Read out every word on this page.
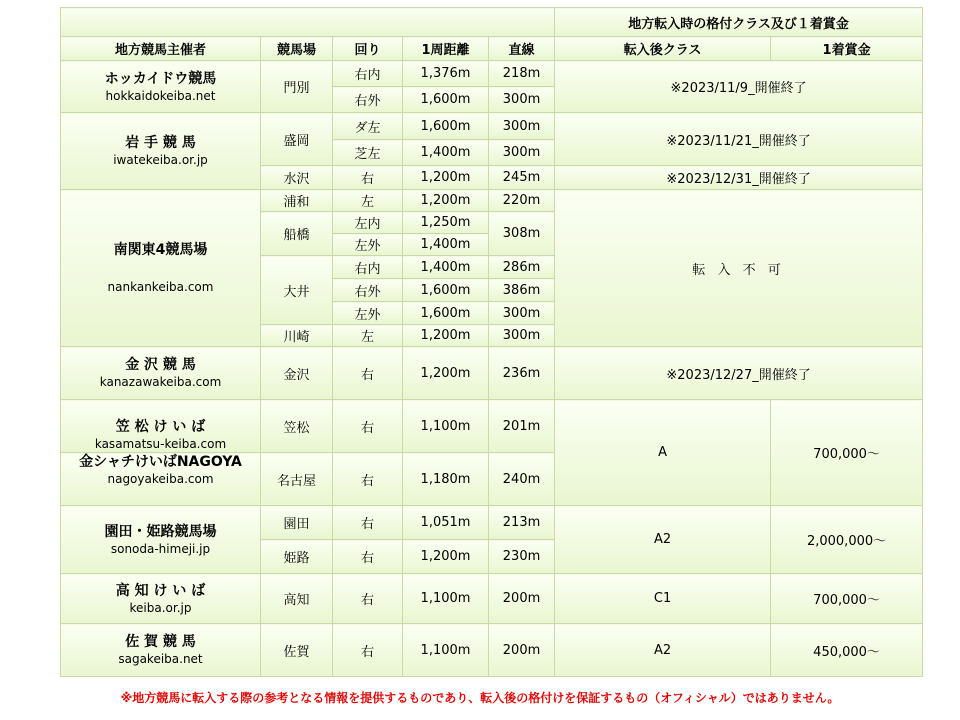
					地方転入時の格付クラス及び１着賞金	
地方競馬主催者	競馬場	回り	1周距離	直線	転入後クラス	1着賞金

ホッカイドウ競馬
hokkaidokeiba.net	門別	右内	1,376m	218m	※2023/11/9_開催終了	
		右外	1,600m	300m		

岩 手 競 馬
iwatekeiba.or.jp	盛岡	ダ左	1,600m	300m	※2023/11/21_開催終了	
		芝左	1,400m	300m		
	水沢	右	1,200m	245m	※2023/12/31_開催終了	

南関東4競馬場
nankankeiba.com	浦和	左	1,200m	220m	転 入 不 可	
	船橋	左内	1,250m	308m		
		左外	1,400m			
	大井	右内	1,400m	286m		
		右外	1,600m	386m		
		左外	1,600m	300m		
	川崎	左	1,200m	300m		

金 沢 競 馬
kanazawakeiba.com	金沢	右	1,200m	236m	※2023/12/27_開催終了	

笠 松 け い ば
kasamatsu-keiba.com	笠松	右	1,100m	201m	A	700,000～

金シャチけいばNAGOYA
nagoyakeiba.com	名古屋	右	1,180m	240m		

園田・姫路競馬場
sonoda-himeji.jp	園田	右	1,051m	213m	A2	2,000,000～
	姫路	右	1,200m	230m		

高 知 け い ば
keiba.or.jp	高知	右	1,100m	200m	C1	700,000～

佐 賀 競 馬
sagakeiba.net	佐賀	右	1,100m	200m	A2	450,000～
※地方競馬に転入する際の参考となる情報を提供するものであり、転入後の格付けを保証するもの（オフィシャル）ではありません。
